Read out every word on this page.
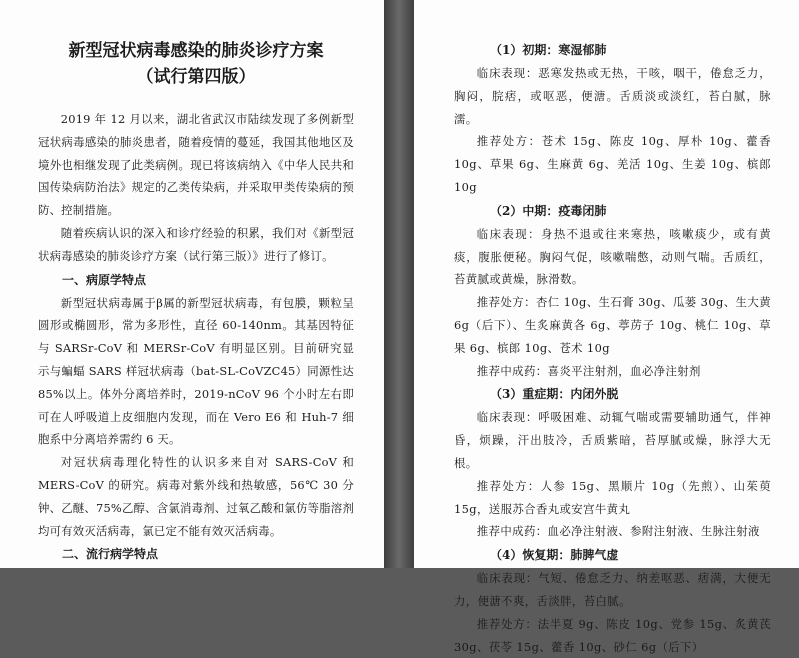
新型冠状病毒感染的肺炎诊疗方案
（试行第四版）

2019 年 12 月以来，湖北省武汉市陆续发现了多例新型冠状病毒感染的肺炎患者，随着疫情的蔓延，我国其他地区及境外也相继发现了此类病例。现已将该病纳入《中华人民共和国传染病防治法》规定的乙类传染病，并采取甲类传染病的预防、控制措施。

随着疾病认识的深入和诊疗经验的积累，我们对《新型冠状病毒感染的肺炎诊疗方案（试行第三版）》进行了修订。

一、病原学特点

新型冠状病毒属于β属的新型冠状病毒，有包膜，颗粒呈圆形或椭圆形，常为多形性，直径 60-140nm。其基因特征与 SARSr-CoV 和 MERSr-CoV 有明显区别。目前研究显示与蝙蝠 SARS 样冠状病毒（bat-SL-CoVZC45）同源性达 85%以上。体外分离培养时，2019-nCoV 96 个小时左右即可在人呼吸道上皮细胞内发现，而在 Vero E6 和 Huh-7 细胞系中分离培养需约 6 天。

对冠状病毒理化特性的认识多来自对 SARS-CoV 和 MERS-CoV 的研究。病毒对紫外线和热敏感，56℃ 30 分钟、乙醚、75%乙醇、含氯消毒剂、过氧乙酸和氯仿等脂溶剂均可有效灭活病毒，氯已定不能有效灭活病毒。

二、流行病学特点
（1）初期：寒湿郁肺

临床表现：恶寒发热或无热，干咳，咽干，倦怠乏力，胸闷，脘痞，或呕恶，便溏。舌质淡或淡红，苔白腻，脉濡。

推荐处方：苍术 15g、陈皮 10g、厚朴 10g、藿香 10g、草果 6g、生麻黄 6g、羌活 10g、生姜 10g、槟郎 10g

（2）中期：疫毒闭肺

临床表现：身热不退或往来寒热，咳嗽痰少，或有黄痰，腹胀便秘。胸闷气促，咳嗽喘憋，动则气喘。舌质红，苔黄腻或黄燥，脉滑数。

推荐处方：杏仁 10g、生石膏 30g、瓜蒌 30g、生大黄 6g（后下）、生炙麻黄各 6g、葶苈子 10g、桃仁 10g、草果 6g、槟郎 10g、苍术 10g

推荐中成药：喜炎平注射剂，血必净注射剂

（3）重症期：内闭外脱

临床表现：呼吸困难、动辄气喘或需要辅助通气，伴神昏，烦躁，汗出肢冷，舌质紫暗，苔厚腻或燥，脉浮大无根。

推荐处方：人参 15g、黑顺片 10g（先煎）、山茱萸 15g，送服苏合香丸或安宫牛黄丸

推荐中成药：血必净注射液、参附注射液、生脉注射液

（4）恢复期：肺脾气虚

临床表现：气短、倦怠乏力、纳差呕恶、痞满，大便无力，便溏不爽，舌淡胖，苔白腻。

推荐处方：法半夏 9g、陈皮 10g、党参 15g、炙黄芪 30g、茯苓 15g、藿香 10g、砂仁 6g（后下）
